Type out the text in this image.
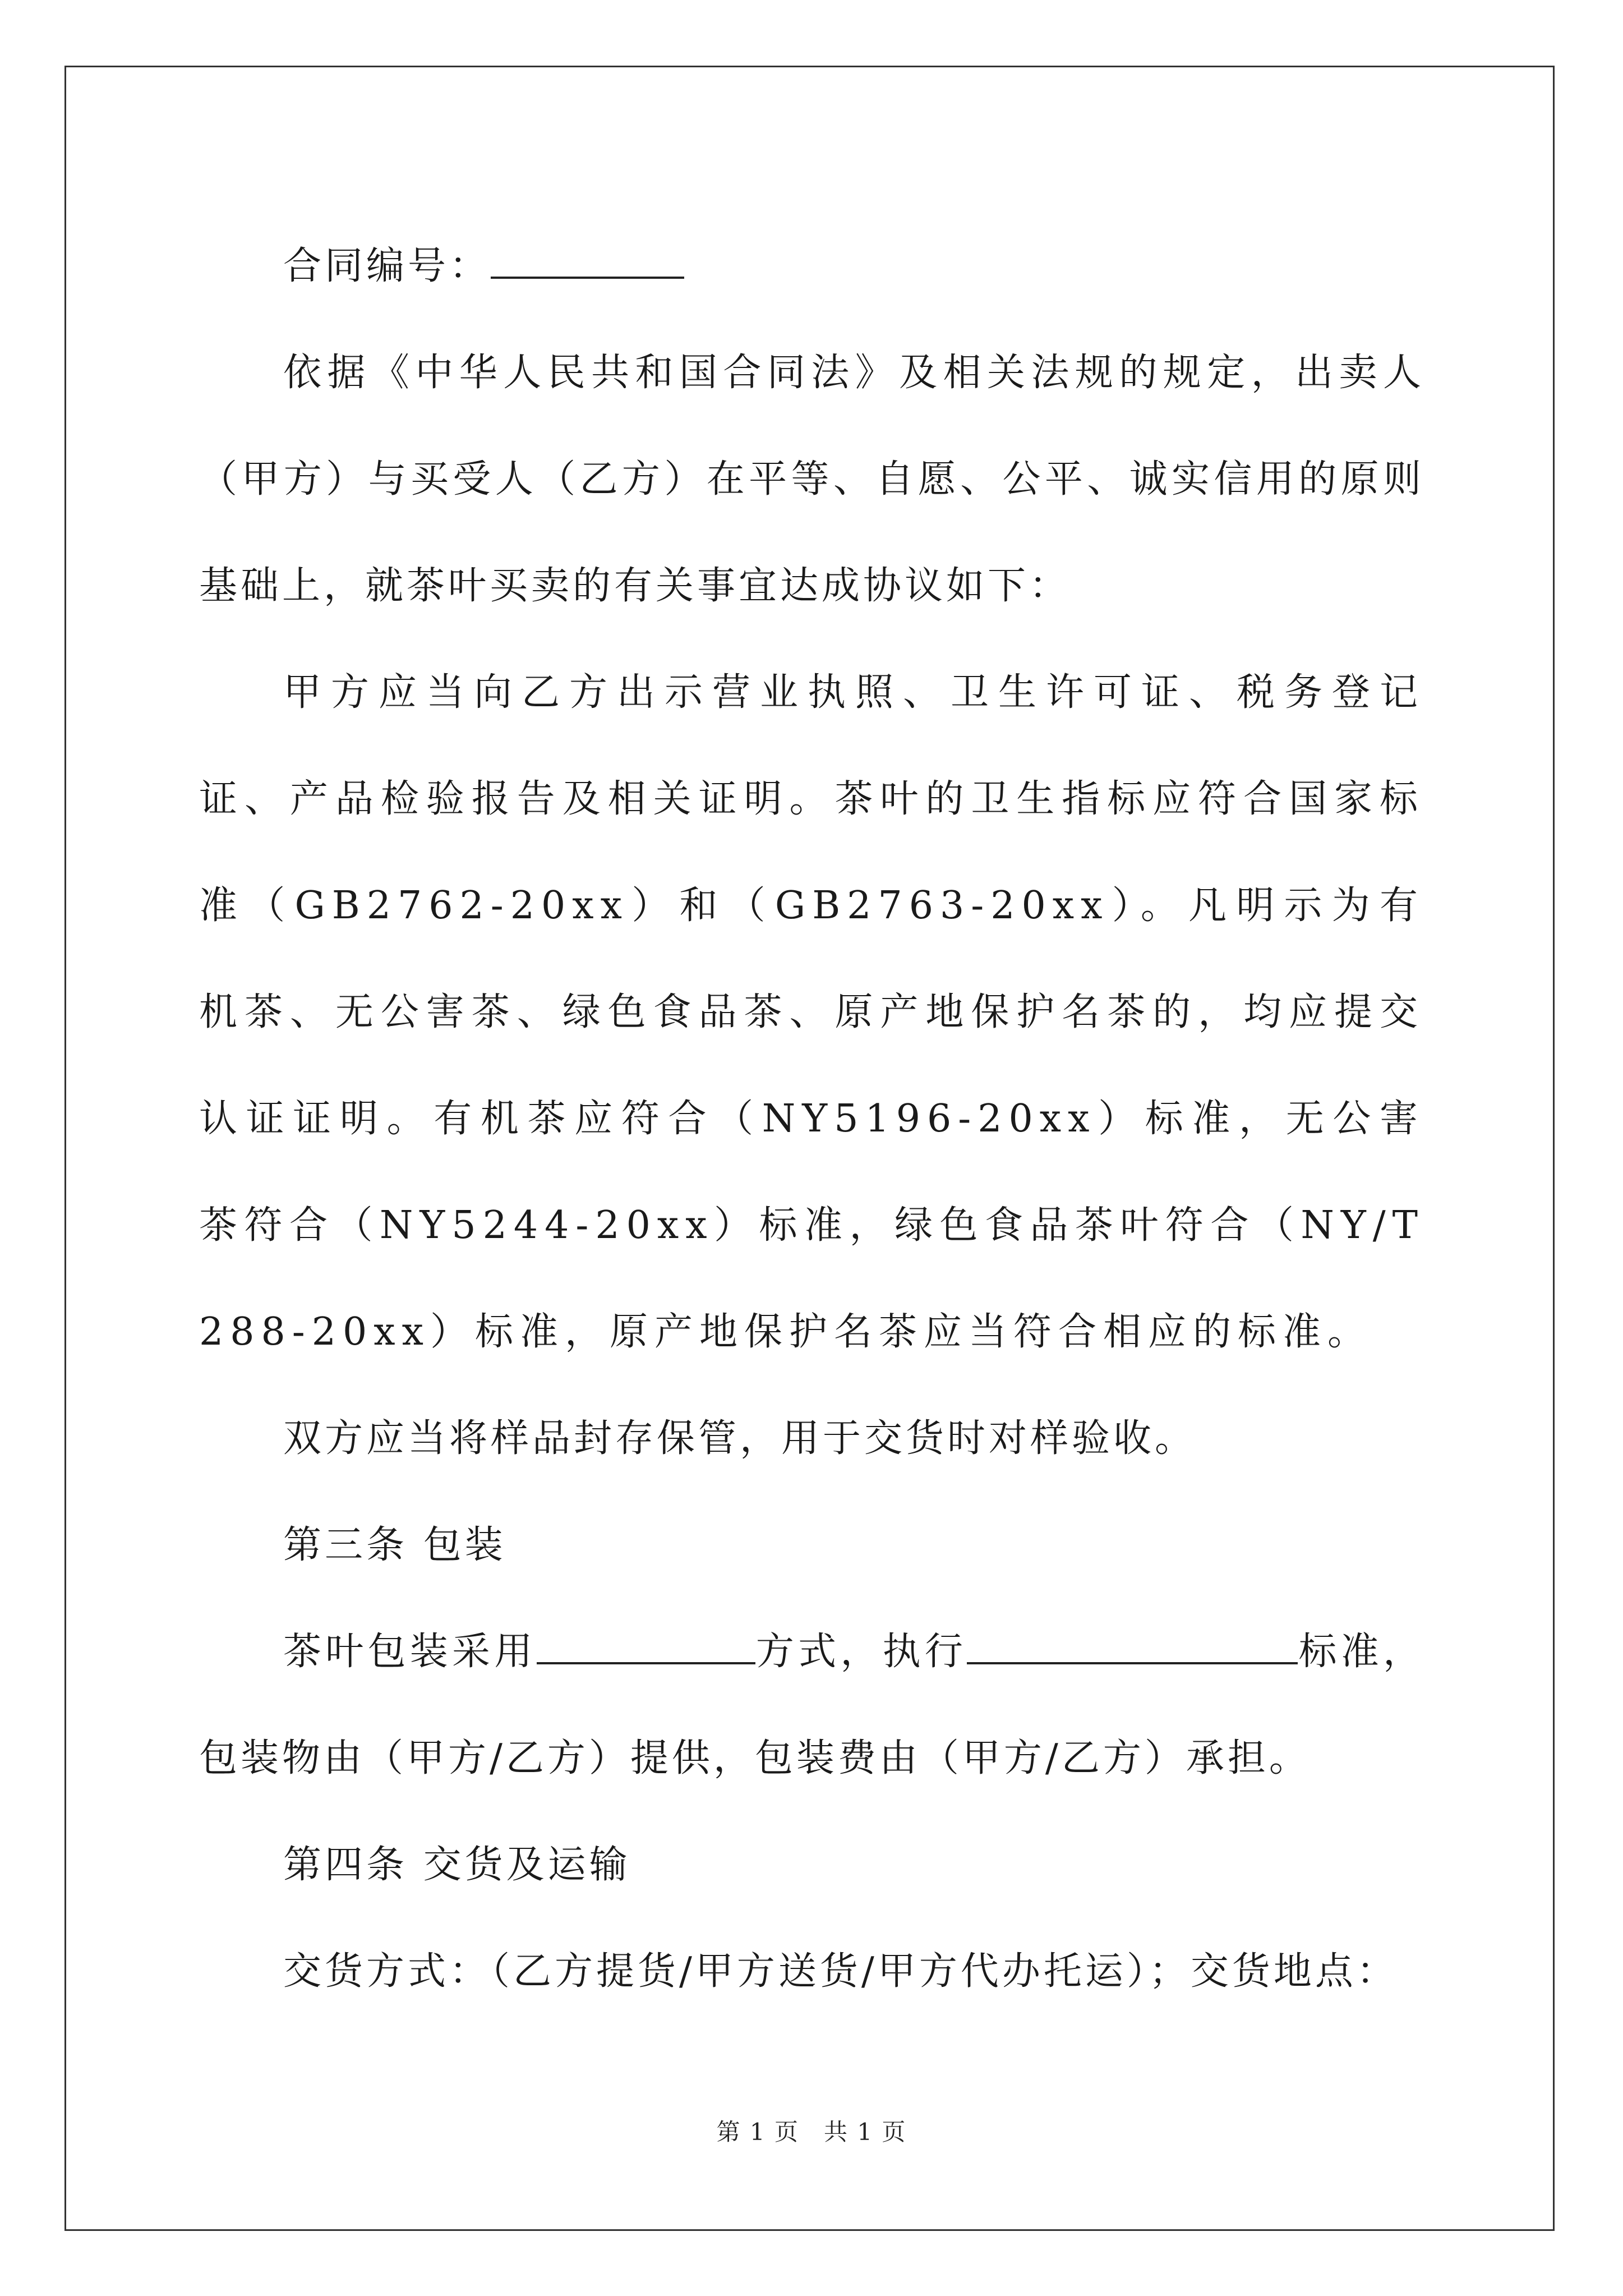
合同编号：

依据《中华人民共和国合同法》及相关法规的规定，出卖人（甲方）与买受人（乙方）在平等、自愿、公平、诚实信用的原则基础上，就茶叶买卖的有关事宜达成协议如下：

甲方应当向乙方出示营业执照、卫生许可证、税务登记证、产品检验报告及相关证明。茶叶的卫生指标应符合国家标准（GB2762-20xx）和（GB2763-20xx）。凡明示为有机茶、无公害茶、绿色食品茶、原产地保护名茶的，均应提交认证证明。有机茶应符合（NY5196-20xx）标准，无公害茶符合（NY5244-20xx）标准，绿色食品茶叶符合（NY/T288-20xx）标准，原产地保护名茶应当符合相应的标准。

双方应当将样品封存保管，用于交货时对样验收。

第三条 包装

茶叶包装采用	方式，执行	标准，包装物由（甲方/乙方）提供，包装费由（甲方/乙方）承担。

第四条 交货及运输

交货方式：（乙方提货/甲方送货/甲方代办托运）；交货地点：

第 1 页 共 1 页
